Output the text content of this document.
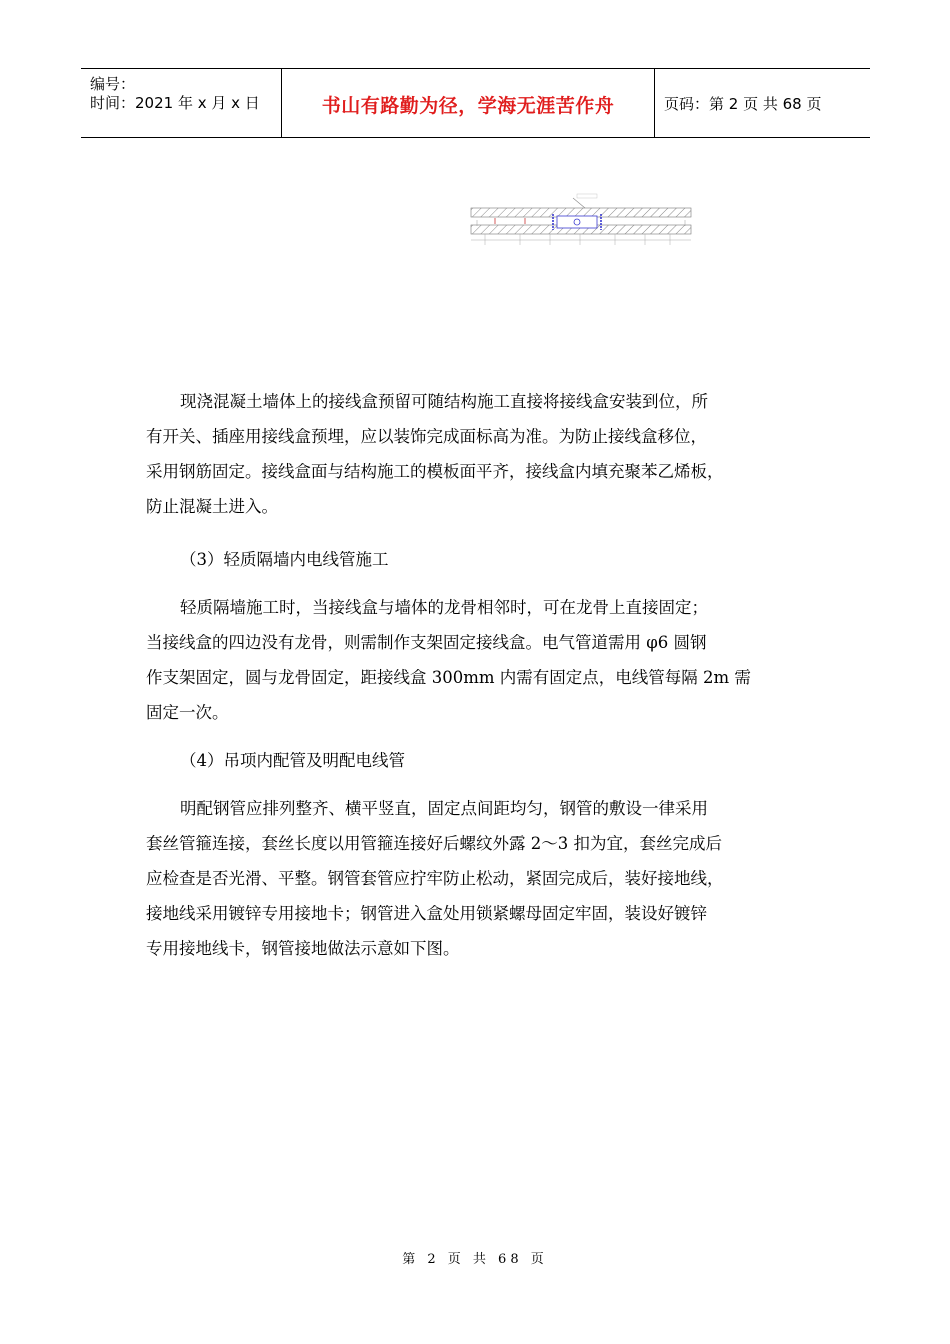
编号：
时间：2021 年 x 月 x 日	书山有路勤为径，学海无涯苦作舟	页码：第 2 页 共 68 页
现浇混凝土墙体上的接线盒预留可随结构施工直接将接线盒安装到位，所
有开关、插座用接线盒预埋，应以装饰完成面标高为准。为防止接线盒移位，
采用钢筋固定。接线盒面与结构施工的模板面平齐，接线盒内填充聚苯乙烯板，
防止混凝土进入。
（3）轻质隔墙内电线管施工
轻质隔墙施工时，当接线盒与墙体的龙骨相邻时，可在龙骨上直接固定；
当接线盒的四边没有龙骨，则需制作支架固定接线盒。电气管道需用 φ6 圆钢
作支架固定，圆与龙骨固定，距接线盒 300mm 内需有固定点，电线管每隔 2m 需
固定一次。
（4）吊项内配管及明配电线管
明配钢管应排列整齐、横平竖直，固定点间距均匀，钢管的敷设一律采用
套丝管箍连接，套丝长度以用管箍连接好后螺纹外露 2～3 扣为宜，套丝完成后
应检查是否光滑、平整。钢管套管应拧牢防止松动，紧固完成后，装好接地线，
接地线采用镀锌专用接地卡；钢管进入盒处用锁紧螺母固定牢固，装设好镀锌
专用接地线卡，钢管接地做法示意如下图。
第 2 页 共 68 页
